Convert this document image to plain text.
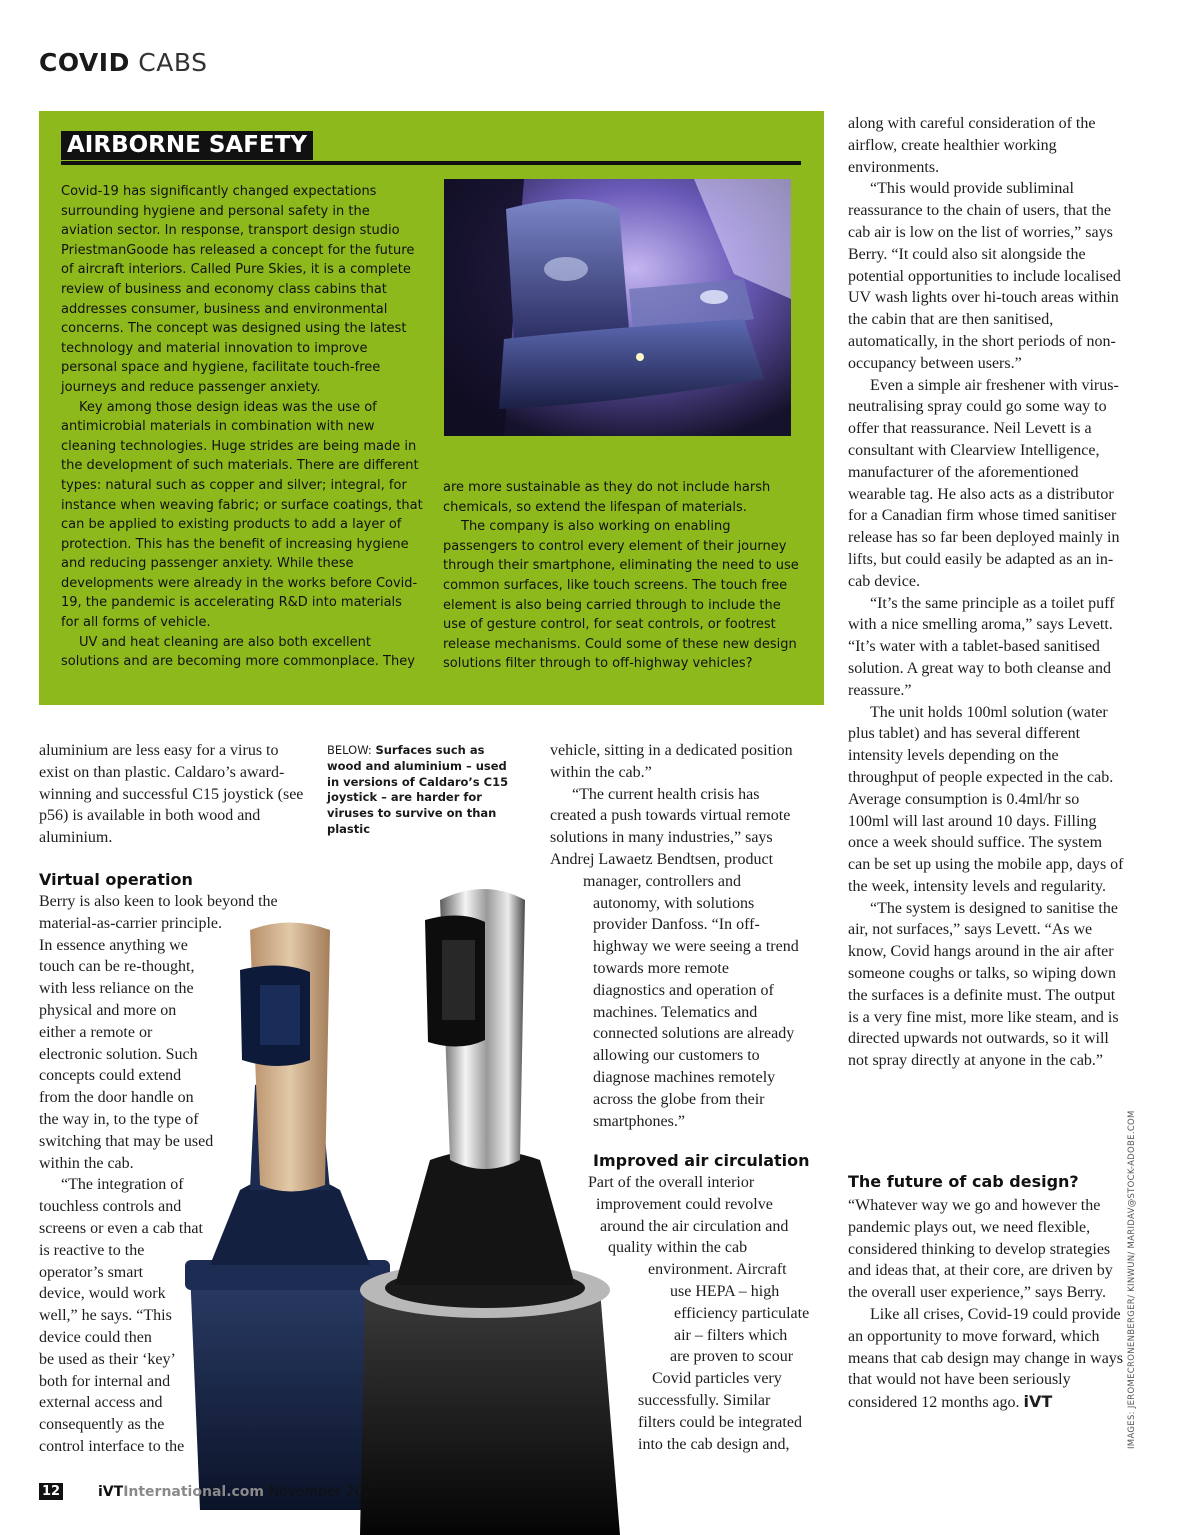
COVID CABS
AIRBORNE SAFETY

Covid-19 has significantly changed expectations surrounding hygiene and personal safety in the aviation sector. In response, transport design studio PriestmanGoode has released a concept for the future of aircraft interiors. Called Pure Skies, it is a complete review of business and economy class cabins that addresses consumer, business and environmental concerns. The concept was designed using the latest technology and material innovation to improve personal space and hygiene, facilitate touch-free journeys and reduce passenger anxiety.

Key among those design ideas was the use of antimicrobial materials in combination with new cleaning technologies. Huge strides are being made in the development of such materials. There are different types: natural such as copper and silver; integral, for instance when weaving fabric; or surface coatings, that can be applied to existing products to add a layer of protection. This has the benefit of increasing hygiene and reducing passenger anxiety. While these developments were already in the works before Covid-19, the pandemic is accelerating R&D into materials for all forms of vehicle.

UV and heat cleaning are also both excellent solutions and are becoming more commonplace. They

are more sustainable as they do not include harsh chemicals, so extend the lifespan of materials.

The company is also working on enabling passengers to control every element of their journey through their smartphone, eliminating the need to use common surfaces, like touch screens. The touch free element is also being carried through to include the use of gesture control, for seat controls, or footrest release mechanisms. Could some of these new design solutions filter through to off-highway vehicles?

aluminium are less easy for a virus to exist on than plastic. Caldaro’s award-winning and successful C15 joystick (see p56) is available in both wood and aluminium.

Virtual operation
Berry is also keen to look beyond the
material-as-carrier principle.
In essence anything we
touch can be re-thought,
with less reliance on the
physical and more on
either a remote or
electronic solution. Such
concepts could extend
from the door handle on
the way in, to the type of
switching that may be used
within the cab.
“The integration of
touchless controls and
screens or even a cab that
is reactive to the
operator’s smart
device, would work
well,” he says. “This
device could then
be used as their ‘key’
both for internal and
external access and
consequently as the
control interface to the
BELOW: Surfaces such as wood and aluminium – used in versions of Caldaro’s C15 joystick – are harder for viruses to survive on than plastic
vehicle, sitting in a dedicated position
within the cab.”
“The current health crisis has
created a push towards virtual remote
solutions in many industries,” says
Andrej Lawaetz Bendtsen, product
manager, controllers and
autonomy, with solutions
provider Danfoss. “In off-
highway we were seeing a trend
towards more remote
diagnostics and operation of
machines. Telematics and
connected solutions are already
allowing our customers to
diagnose machines remotely
across the globe from their
smartphones.”
Improved air circulation
Part of the overall interior
improvement could revolve
around the air circulation and
quality within the cab
environment. Aircraft
use HEPA – high
efficiency particulate
air – filters which
are proven to scour
Covid particles very
successfully. Similar
filters could be integrated
into the cab design and,

along with careful consideration of the airflow, create healthier working environments.

“This would provide subliminal reassurance to the chain of users, that the cab air is low on the list of worries,” says Berry. “It could also sit alongside the potential opportunities to include localised UV wash lights over hi-touch areas within the cabin that are then sanitised, automatically, in the short periods of non-occupancy between users.”

Even a simple air freshener with virus-neutralising spray could go some way to offer that reassurance. Neil Levett is a consultant with Clearview Intelligence, manufacturer of the aforementioned wearable tag. He also acts as a distributor for a Canadian firm whose timed sanitiser release has so far been deployed mainly in lifts, but could easily be adapted as an in-cab device.

“It’s the same principle as a toilet puff with a nice smelling aroma,” says Levett. “It’s water with a tablet-based sanitised solution. A great way to both cleanse and reassure.”

The unit holds 100ml solution (water plus tablet) and has several different intensity levels depending on the throughput of people expected in the cab. Average consumption is 0.4ml/hr so 100ml will last around 10 days. Filling once a week should suffice. The system can be set up using the mobile app, days of the week, intensity levels and regularity.

“The system is designed to sanitise the air, not surfaces,” says Levett. “As we know, Covid hangs around in the air after someone coughs or talks, so wiping down the surfaces is a definite must. The output is a very fine mist, more like steam, and is directed upwards not outwards, so it will not spray directly at anyone in the cab.”

The future of cab design?

“Whatever way we go and however the pandemic plays out, we need flexible, considered thinking to develop strategies and ideas that, at their core, are driven by the overall user experience,” says Berry.

Like all crises, Covid-19 could provide an opportunity to move forward, which means that cab design may change in ways that would not have been seriously considered 12 months ago. iVT	IMAGES: JEROMECRONENBERGER/ KINWUN/ MARIDAV@STOCK-ADOBE.COM
12	iVTInternational.com November 2020
